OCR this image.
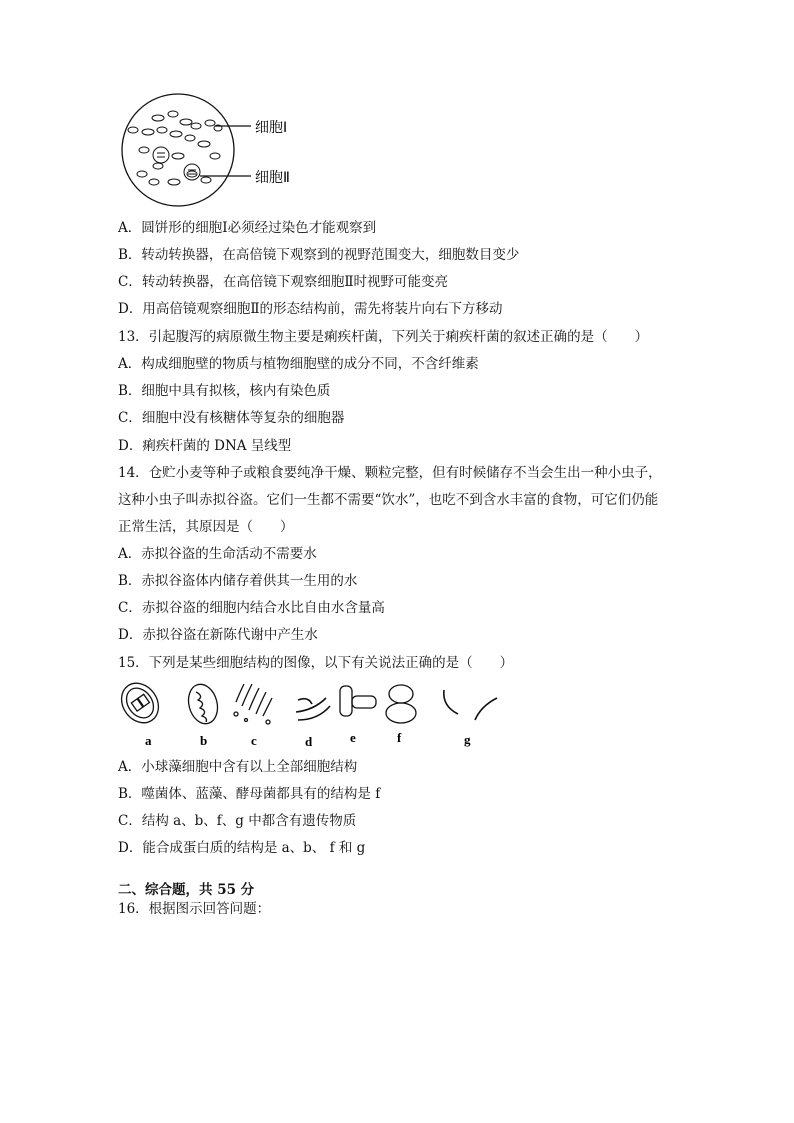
细胞Ⅰ
细胞Ⅱ
A．圆饼形的细胞Ⅰ必须经过染色才能观察到
B．转动转换器，在高倍镜下观察到的视野范围变大，细胞数目变少
C．转动转换器，在高倍镜下观察细胞Ⅱ时视野可能变亮
D．用高倍镜观察细胞Ⅱ的形态结构前，需先将装片向右下方移动
13．引起腹泻的病原微生物主要是痢疾杆菌，下列关于痢疾杆菌的叙述正确的是（　　）
A．构成细胞壁的物质与植物细胞壁的成分不同，不含纤维素
B．细胞中具有拟核，核内有染色质
C．细胞中没有核糖体等复杂的细胞器
D．痢疾杆菌的 DNA 呈线型
14．仓贮小麦等种子或粮食要纯净干燥、颗粒完整，但有时候储存不当会生出一种小虫子，
这种小虫子叫赤拟谷盗。它们一生都不需要“饮水”，也吃不到含水丰富的食物，可它们仍能
正常生活，其原因是（　　）
A．赤拟谷盗的生命活动不需要水
B．赤拟谷盗体内储存着供其一生用的水
C．赤拟谷盗的细胞内结合水比自由水含量高
D．赤拟谷盗在新陈代谢中产生水
15．下列是某些细胞结构的图像，以下有关说法正确的是（　　）
a	b	c	d	e	f	g
A．小球藻细胞中含有以上全部细胞结构
B．噬菌体、蓝藻、酵母菌都具有的结构是 f
C．结构 a、b、f、g 中都含有遗传物质
D．能合成蛋白质的结构是 a、b、 f 和 g
二、综合题，共 55 分
16．根据图示回答问题：
